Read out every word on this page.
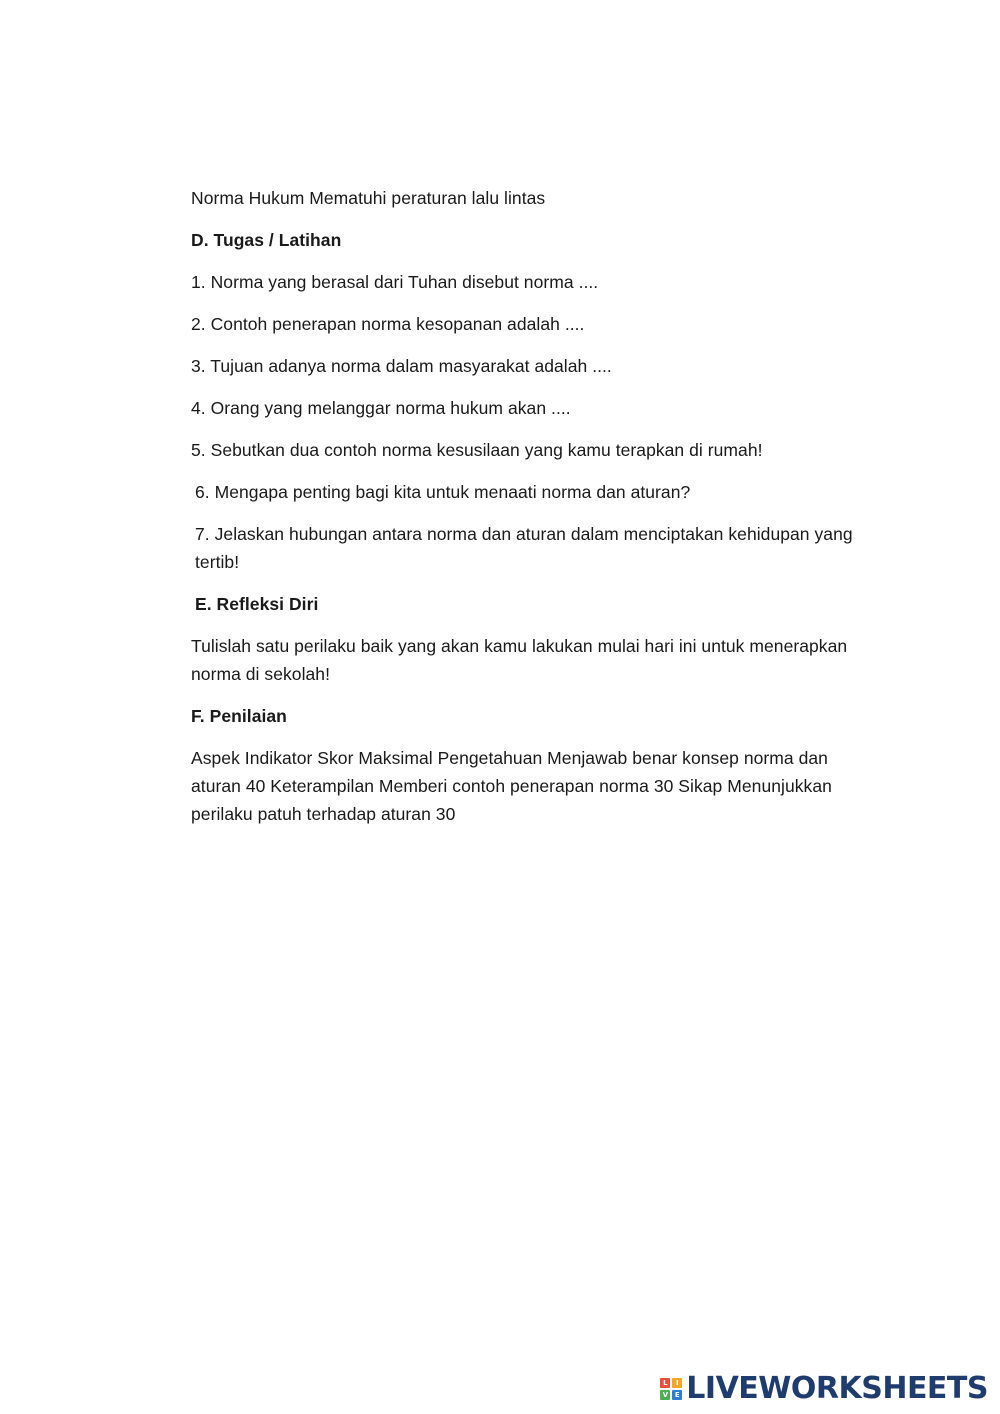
Norma Hukum Mematuhi peraturan lalu lintas

D. Tugas / Latihan

1. Norma yang berasal dari Tuhan disebut norma ....

2. Contoh penerapan norma kesopanan adalah ....

3. Tujuan adanya norma dalam masyarakat adalah ....

4. Orang yang melanggar norma hukum akan ....

5. Sebutkan dua contoh norma kesusilaan yang kamu terapkan di rumah!

6. Mengapa penting bagi kita untuk menaati norma dan aturan?

7. Jelaskan hubungan antara norma dan aturan dalam menciptakan kehidupan yang tertib!

E. Refleksi Diri

Tulislah satu perilaku baik yang akan kamu lakukan mulai hari ini untuk menerapkan norma di sekolah!

F. Penilaian

Aspek Indikator Skor Maksimal Pengetahuan Menjawab benar konsep norma dan aturan 40 Keterampilan Memberi contoh penerapan norma 30 Sikap Menunjukkan perilaku patuh terhadap aturan 30

L	I
V E LIVEWORKSHEETS
